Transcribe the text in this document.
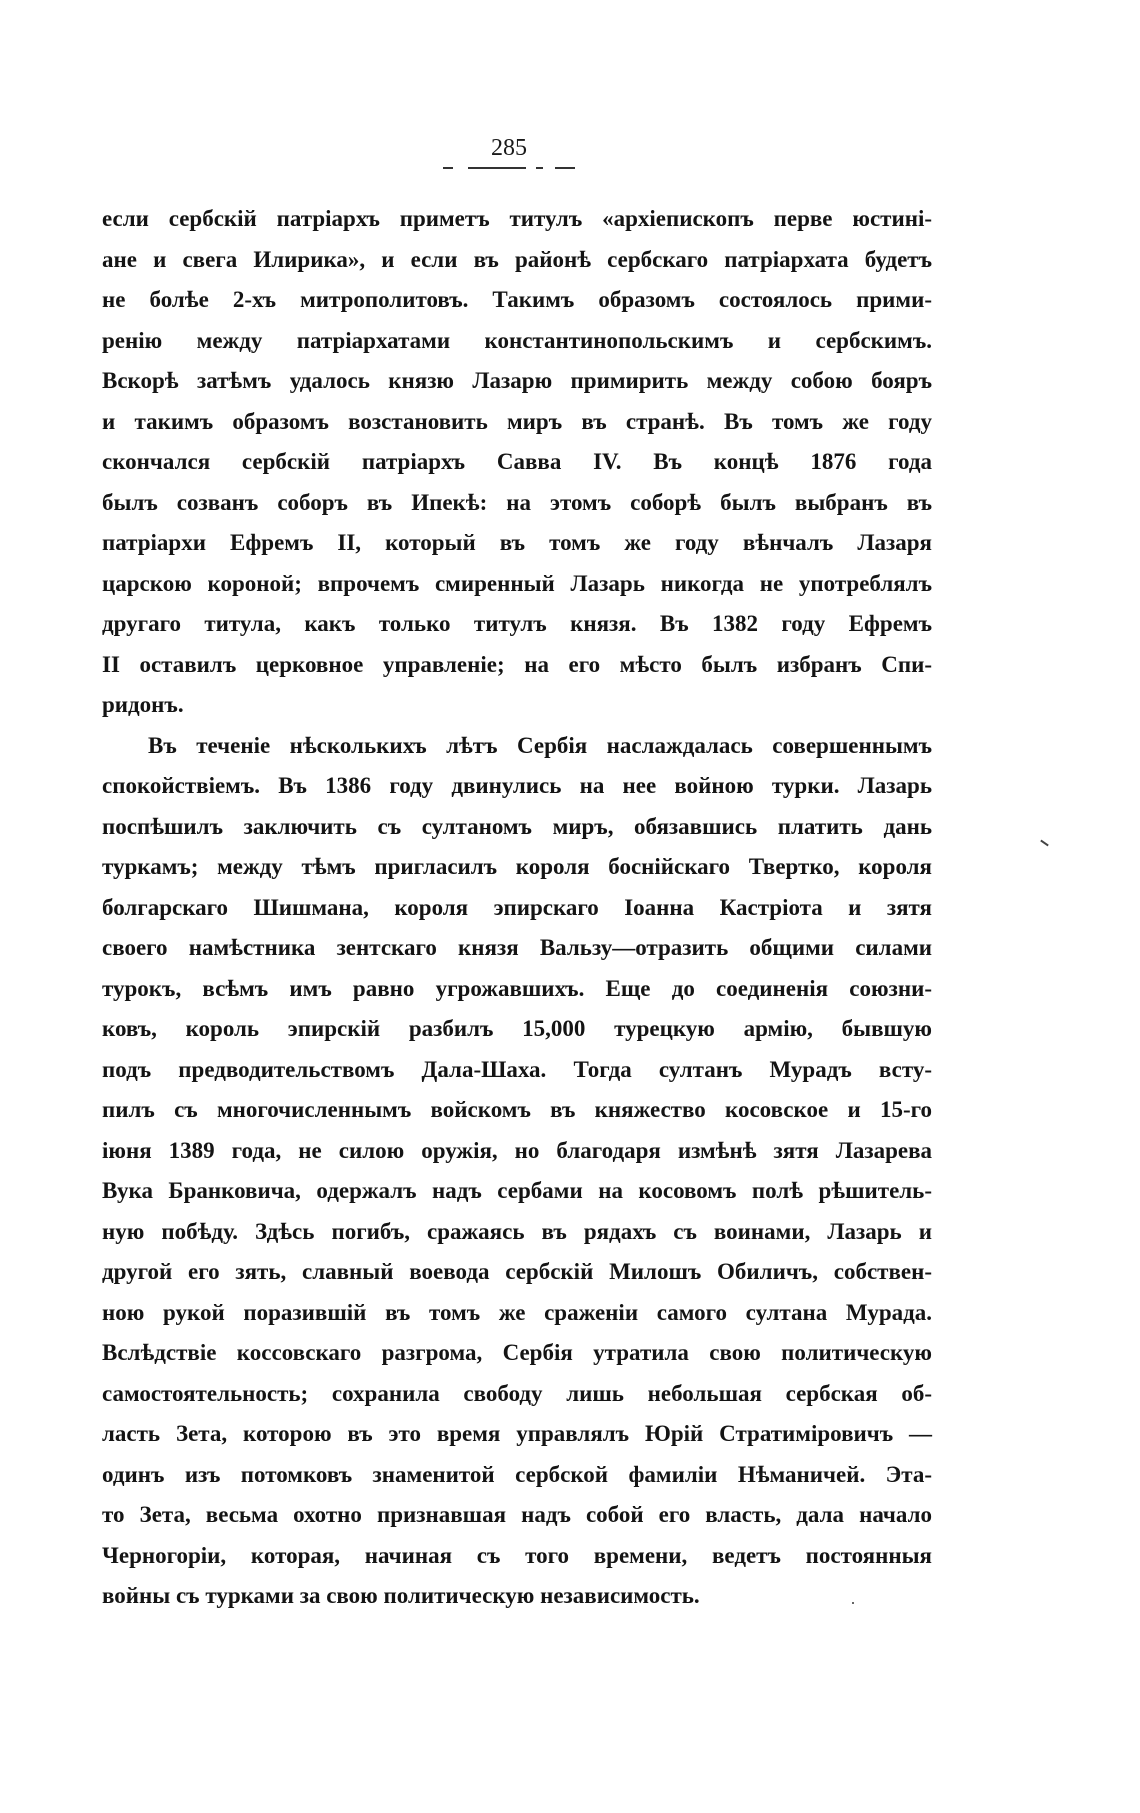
285
если сербскій патріархъ приметъ титулъ «архіепископъ перве юстині-
ане и свега Илирика», и если въ районѣ сербскаго патріархата будетъ
не болѣе 2-хъ митрополитовъ. Такимъ образомъ состоялось прими-
ренію между патріархатами константинопольскимъ и сербскимъ.
Вскорѣ затѣмъ удалось князю Лазарю примирить между собою бояръ
и такимъ образомъ возстановить миръ въ странѣ. Въ томъ же году
скончался сербскій патріархъ Савва IV. Въ концѣ 1876 года
былъ созванъ соборъ въ Ипекѣ: на этомъ соборѣ былъ выбранъ въ
патріархи Ефремъ II, который въ томъ же году вѣнчалъ Лазаря
царскою короной; впрочемъ смиренный Лазарь никогда не употреблялъ
другаго титула, какъ только титулъ князя. Въ 1382 году Ефремъ
II оставилъ церковное управленіе; на его мѣсто былъ избранъ Спи-
ридонъ.
Въ теченіе нѣсколькихъ лѣтъ Сербія наслаждалась совершеннымъ
спокойствіемъ. Въ 1386 году двинулись на нее войною турки. Лазарь
поспѣшилъ заключить съ султаномъ миръ, обязавшись платить дань
туркамъ; между тѣмъ пригласилъ короля боснійскаго Твертко, короля
болгарскаго Шишмана, короля эпирскаго Іоанна Кастріота и зятя
своего намѣстника зентскаго князя Вальзу—отразить общими силами
турокъ, всѣмъ имъ равно угрожавшихъ. Еще до соединенія союзни-
ковъ, король эпирскій разбилъ 15,000 турецкую армію, бывшую
подъ предводительствомъ Дала-Шаха. Тогда султанъ Мурадъ всту-
пилъ съ многочисленнымъ войскомъ въ княжество косовское и 15-го
іюня 1389 года, не силою оружія, но благодаря измѣнѣ зятя Лазарева
Вука Бранковича, одержалъ надъ сербами на косовомъ полѣ рѣшитель-
ную побѣду. Здѣсь погибъ, сражаясь въ рядахъ съ воинами, Лазарь и
другой его зять, славный воевода сербскій Милошъ Обиличъ, собствен-
ною рукой поразившій въ томъ же сраженіи самого султана Мурада.
Вслѣдствіе коссовскаго разгрома, Сербія утратила свою политическую
самостоятельность; сохранила свободу лишь небольшая сербская об-
ласть Зета, которою въ это время управлялъ Юрій Стратиміровичъ —
одинъ изъ потомковъ знаменитой сербской фамиліи Нѣманичей. Эта-
то Зета, весьма охотно признавшая надъ собой его власть, дала начало
Черногоріи, которая, начиная съ того времени, ведетъ постоянныя
войны съ турками за свою политическую независимость.
